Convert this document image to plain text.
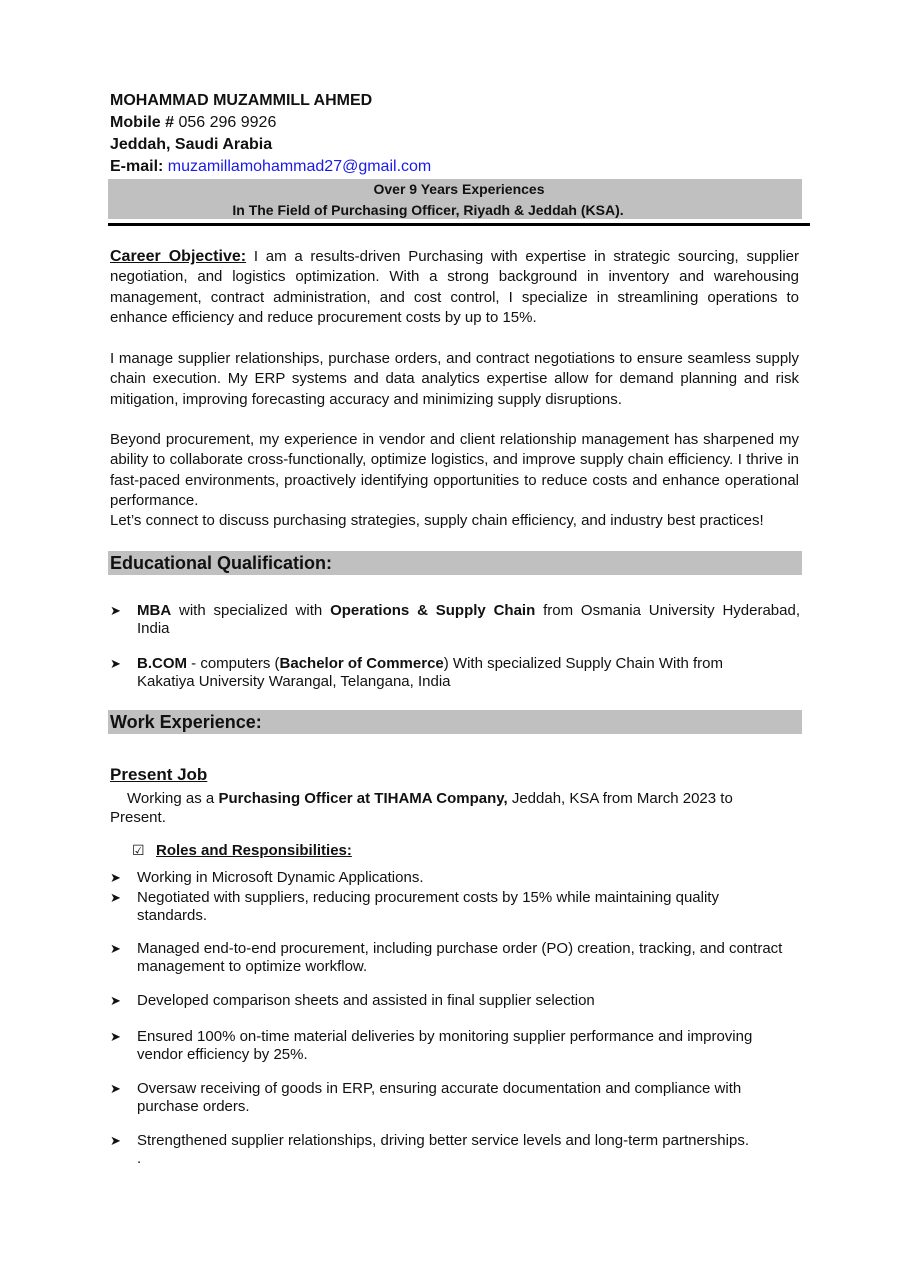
MOHAMMAD MUZAMMILL AHMED
Mobile # 056 296 9926
Jeddah, Saudi Arabia
E-mail: muzamillamohammad27@gmail.com
Over 9 Years Experiences
In The Field of Purchasing Officer, Riyadh & Jeddah (KSA).

Career Objective: I am a results-driven Purchasing with expertise in strategic sourcing, supplier negotiation, and logistics optimization. With a strong background in inventory and warehousing management, contract administration, and cost control, I specialize in streamlining operations to enhance efficiency and reduce procurement costs by up to 15%.

I manage supplier relationships, purchase orders, and contract negotiations to ensure seamless supply chain execution. My ERP systems and data analytics expertise allow for demand planning and risk mitigation, improving forecasting accuracy and minimizing supply disruptions.

Beyond procurement, my experience in vendor and client relationship management has sharpened my ability to collaborate cross-functionally, optimize logistics, and improve supply chain efficiency. I thrive in fast-paced environments, proactively identifying opportunities to reduce costs and enhance operational performance.

Let’s connect to discuss purchasing strategies, supply chain efficiency, and industry best practices!

Educational Qualification:
➤	MBA with specialized with Operations & Supply Chain from Osmania University Hyderabad,
India
➤	B.COM - computers (Bachelor of Commerce) With specialized Supply Chain With from
Kakatiya University Warangal, Telangana, India
Work Experience:
Present Job
Working as a Purchasing Officer at TIHAMA Company, Jeddah, KSA from March 2023 to
Present.
☑ Roles and Responsibilities:
➤	Working in Microsoft Dynamic Applications.
➤	Negotiated with suppliers, reducing procurement costs by 15% while maintaining quality standards.
➤	Managed end-to-end procurement, including purchase order (PO) creation, tracking, and contract management to optimize workflow.
➤	Developed comparison sheets and assisted in final supplier selection
➤	Ensured 100% on-time material deliveries by monitoring supplier performance and improving vendor efficiency by 25%.
➤	Oversaw receiving of goods in ERP, ensuring accurate documentation and compliance with purchase orders.
➤	Strengthened supplier relationships, driving better service levels and long-term partnerships.
.
